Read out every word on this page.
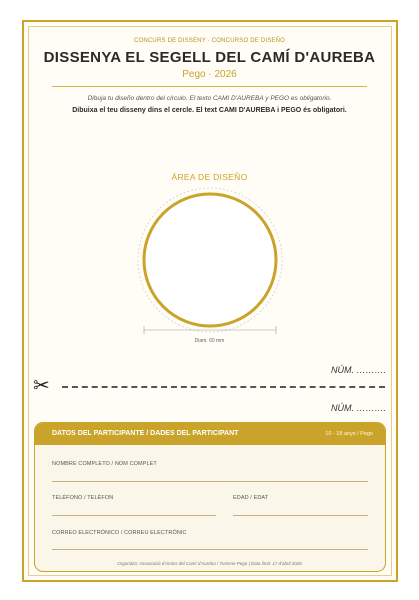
CONCURS DE DISSENY · CONCURSO DE DISEÑO
DISSENYA EL SEGELL DEL CAMÍ D'AUREBA
Pego · 2026
Dibuja tu diseño dentro del círculo. El texto CAMI D'AUREBA y PEGO es obligatorio.
Dibuixa el teu disseny dins el cercle. El text CAMI D'AUREBA i PEGO és obligatori.
ÁREA DE DISEÑO
Diam. 60 mm
NÚM. ……….
✂
NÚM. ……….
DATOS DEL PARTICIPANTE / DADES DEL PARTICIPANT	10 - 18 anys / Pego
NOMBRE COMPLETO / NOM COMPLET
TELÉFONO / TELÈFON	EDAD / EDAT
CORREO ELECTRÓNICO / CORREU ELECTRÒNIC
Organitza: Associació d'Amics del Camí d'Aureba / Turisme Pego | Data límit: 17 d'abril 2026
